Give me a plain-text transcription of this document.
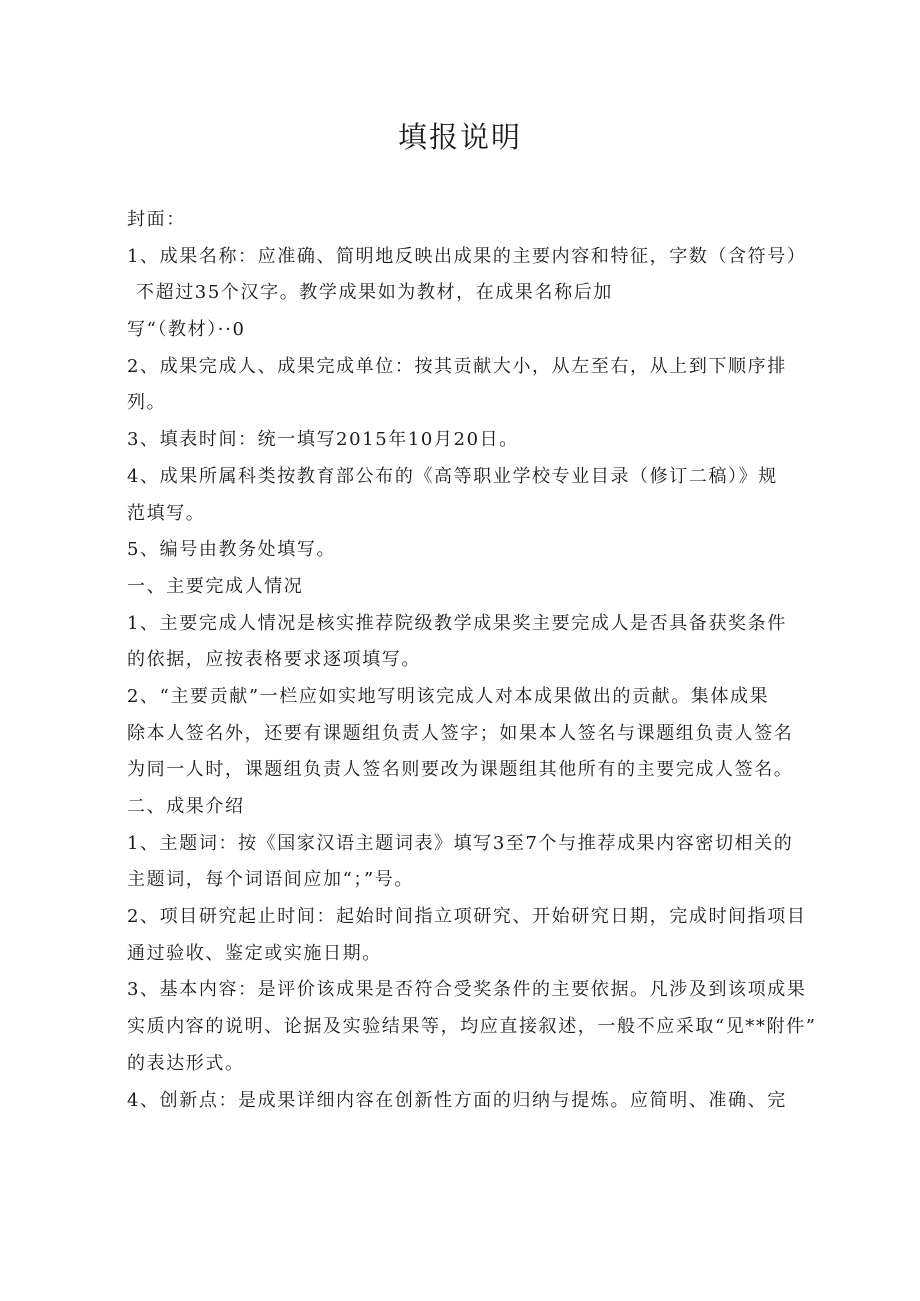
填报说明
封面：
1、成果名称：应准确、简明地反映出成果的主要内容和特征，字数（含符号）
不超过35个汉字。教学成果如为教材，在成果名称后加
写“（教材）··0
2、成果完成人、成果完成单位：按其贡献大小，从左至右，从上到下顺序排
列。
3、填表时间：统一填写2015年10月20日。
4、成果所属科类按教育部公布的《高等职业学校专业目录（修订二稿）》规
范填写。
5、编号由教务处填写。
一、主要完成人情况
1、主要完成人情况是核实推荐院级教学成果奖主要完成人是否具备获奖条件
的依据，应按表格要求逐项填写。
2、“主要贡献”一栏应如实地写明该完成人对本成果做出的贡献。集体成果
除本人签名外，还要有课题组负责人签字；如果本人签名与课题组负责人签名
为同一人时，课题组负责人签名则要改为课题组其他所有的主要完成人签名。
二、成果介绍
1、主题词：按《国家汉语主题词表》填写3至7个与推荐成果内容密切相关的
主题词，每个词语间应加“；”号。
2、项目研究起止时间：起始时间指立项研究、开始研究日期，完成时间指项目
通过验收、鉴定或实施日期。
3、基本内容：是评价该成果是否符合受奖条件的主要依据。凡涉及到该项成果
实质内容的说明、论据及实验结果等，均应直接叙述，一般不应采取“见**附件”
的表达形式。
4、创新点：是成果详细内容在创新性方面的归纳与提炼。应简明、准确、完
